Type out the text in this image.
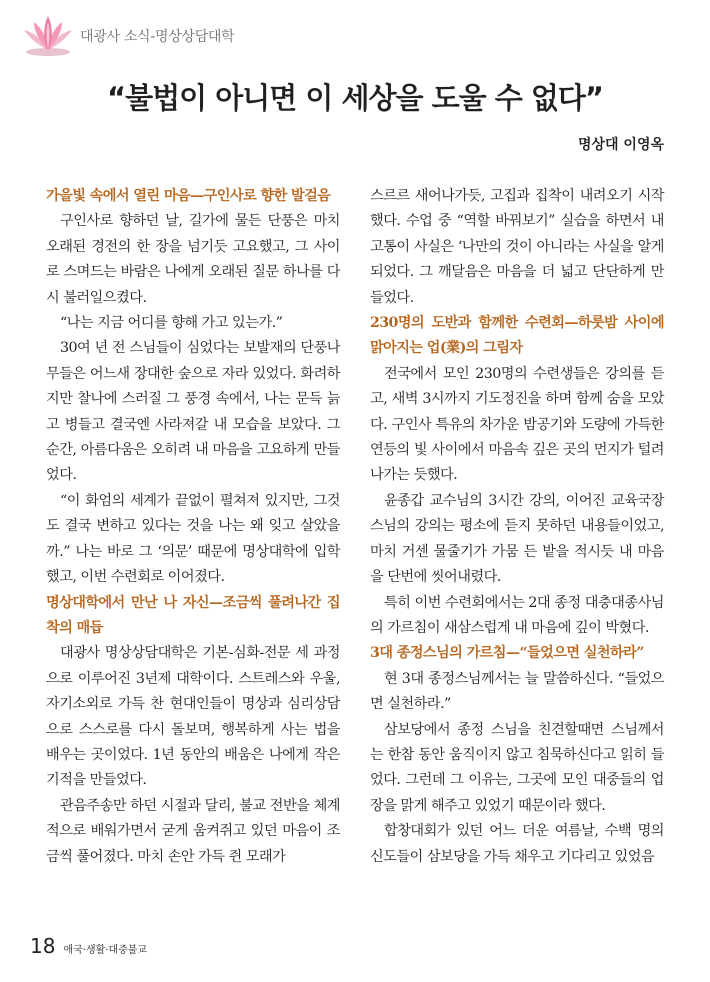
대광사 소식-명상상담대학
“불법이 아니면 이 세상을 도울 수 없다”
명상대 이영옥
가을빛 속에서 열린 마음—구인사로 향한 발걸음

구인사로 향하던 날, 길가에 물든 단풍은 마치 오래된 경전의 한 장을 넘기듯 고요했고, 그 사이로 스며드는 바람은 나에게 오래된 질문 하나를 다시 불러일으켰다.

“나는 지금 어디를 향해 가고 있는가.”

30여 년 전 스님들이 심었다는 보발재의 단풍나무들은 어느새 장대한 숲으로 자라 있었다. 화려하지만 찰나에 스러질 그 풍경 속에서, 나는 문득 늙고 병들고 결국엔 사라져갈 내 모습을 보았다. 그 순간, 아름다움은 오히려 내 마음을 고요하게 만들었다.

“이 화엄의 세계가 끝없이 펼쳐져 있지만, 그것도 결국 변하고 있다는 것을 나는 왜 잊고 살았을까.” 나는 바로 그 ‘의문’ 때문에 명상대학에 입학했고, 이번 수련회로 이어졌다.

명상대학에서 만난 나 자신—조금씩 풀려나간 집착의 매듭

대광사 명상상담대학은 기본-심화-전문 세 과정으로 이루어진 3년제 대학이다. 스트레스와 우울, 자기소외로 가득 찬 현대인들이 명상과 심리상담으로 스스로를 다시 돌보며, 행복하게 사는 법을 배우는 곳이었다. 1년 동안의 배움은 나에게 작은 기적을 만들었다.

관음주송만 하던 시절과 달리, 불교 전반을 체계적으로 배워가면서 굳게 움켜쥐고 있던 마음이 조금씩 풀어졌다. 마치 손안 가득 쥔 모래가

스르르 새어나가듯, 고집과 집착이 내려오기 시작했다. 수업 중 “역할 바꿔보기” 실습을 하면서 내 고통이 사실은 ‘나만의 것이 아니라는 사실을 알게 되었다. 그 깨달음은 마음을 더 넓고 단단하게 만들었다.

230명의 도반과 함께한 수련회—하룻밤 사이에 맑아지는 업(業)의 그림자

전국에서 모인 230명의 수련생들은 강의를 듣고, 새벽 3시까지 기도정진을 하며 함께 숨을 모았다. 구인사 특유의 차가운 밤공기와 도량에 가득한 연등의 빛 사이에서 마음속 깊은 곳의 먼지가 털려 나가는 듯했다.

윤종갑 교수님의 3시간 강의, 이어진 교육국장 스님의 강의는 평소에 듣지 못하던 내용들이었고, 마치 거센 물줄기가 가뭄 든 밭을 적시듯 내 마음을 단번에 씻어내렸다.

특히 이번 수련회에서는 2대 종정 대충대종사님의 가르침이 새삼스럽게 내 마음에 깊이 박혔다.

3대 종정스님의 가르침—“들었으면 실천하라”

현 3대 종정스님께서는 늘 말씀하신다. “들었으면 실천하라.”

삼보당에서 종정 스님을 친견할때면 스님께서는 한참 동안 움직이지 않고 침묵하신다고 읽히 들었다. 그런데 그 이유는, 그곳에 모인 대중들의 업장을 맑게 해주고 있었기 때문이라 했다.

합창대회가 있던 어느 더운 여름날, 수백 명의 신도들이 삼보당을 가득 채우고 기다리고 있었음

18 애국·생활·대중불교
